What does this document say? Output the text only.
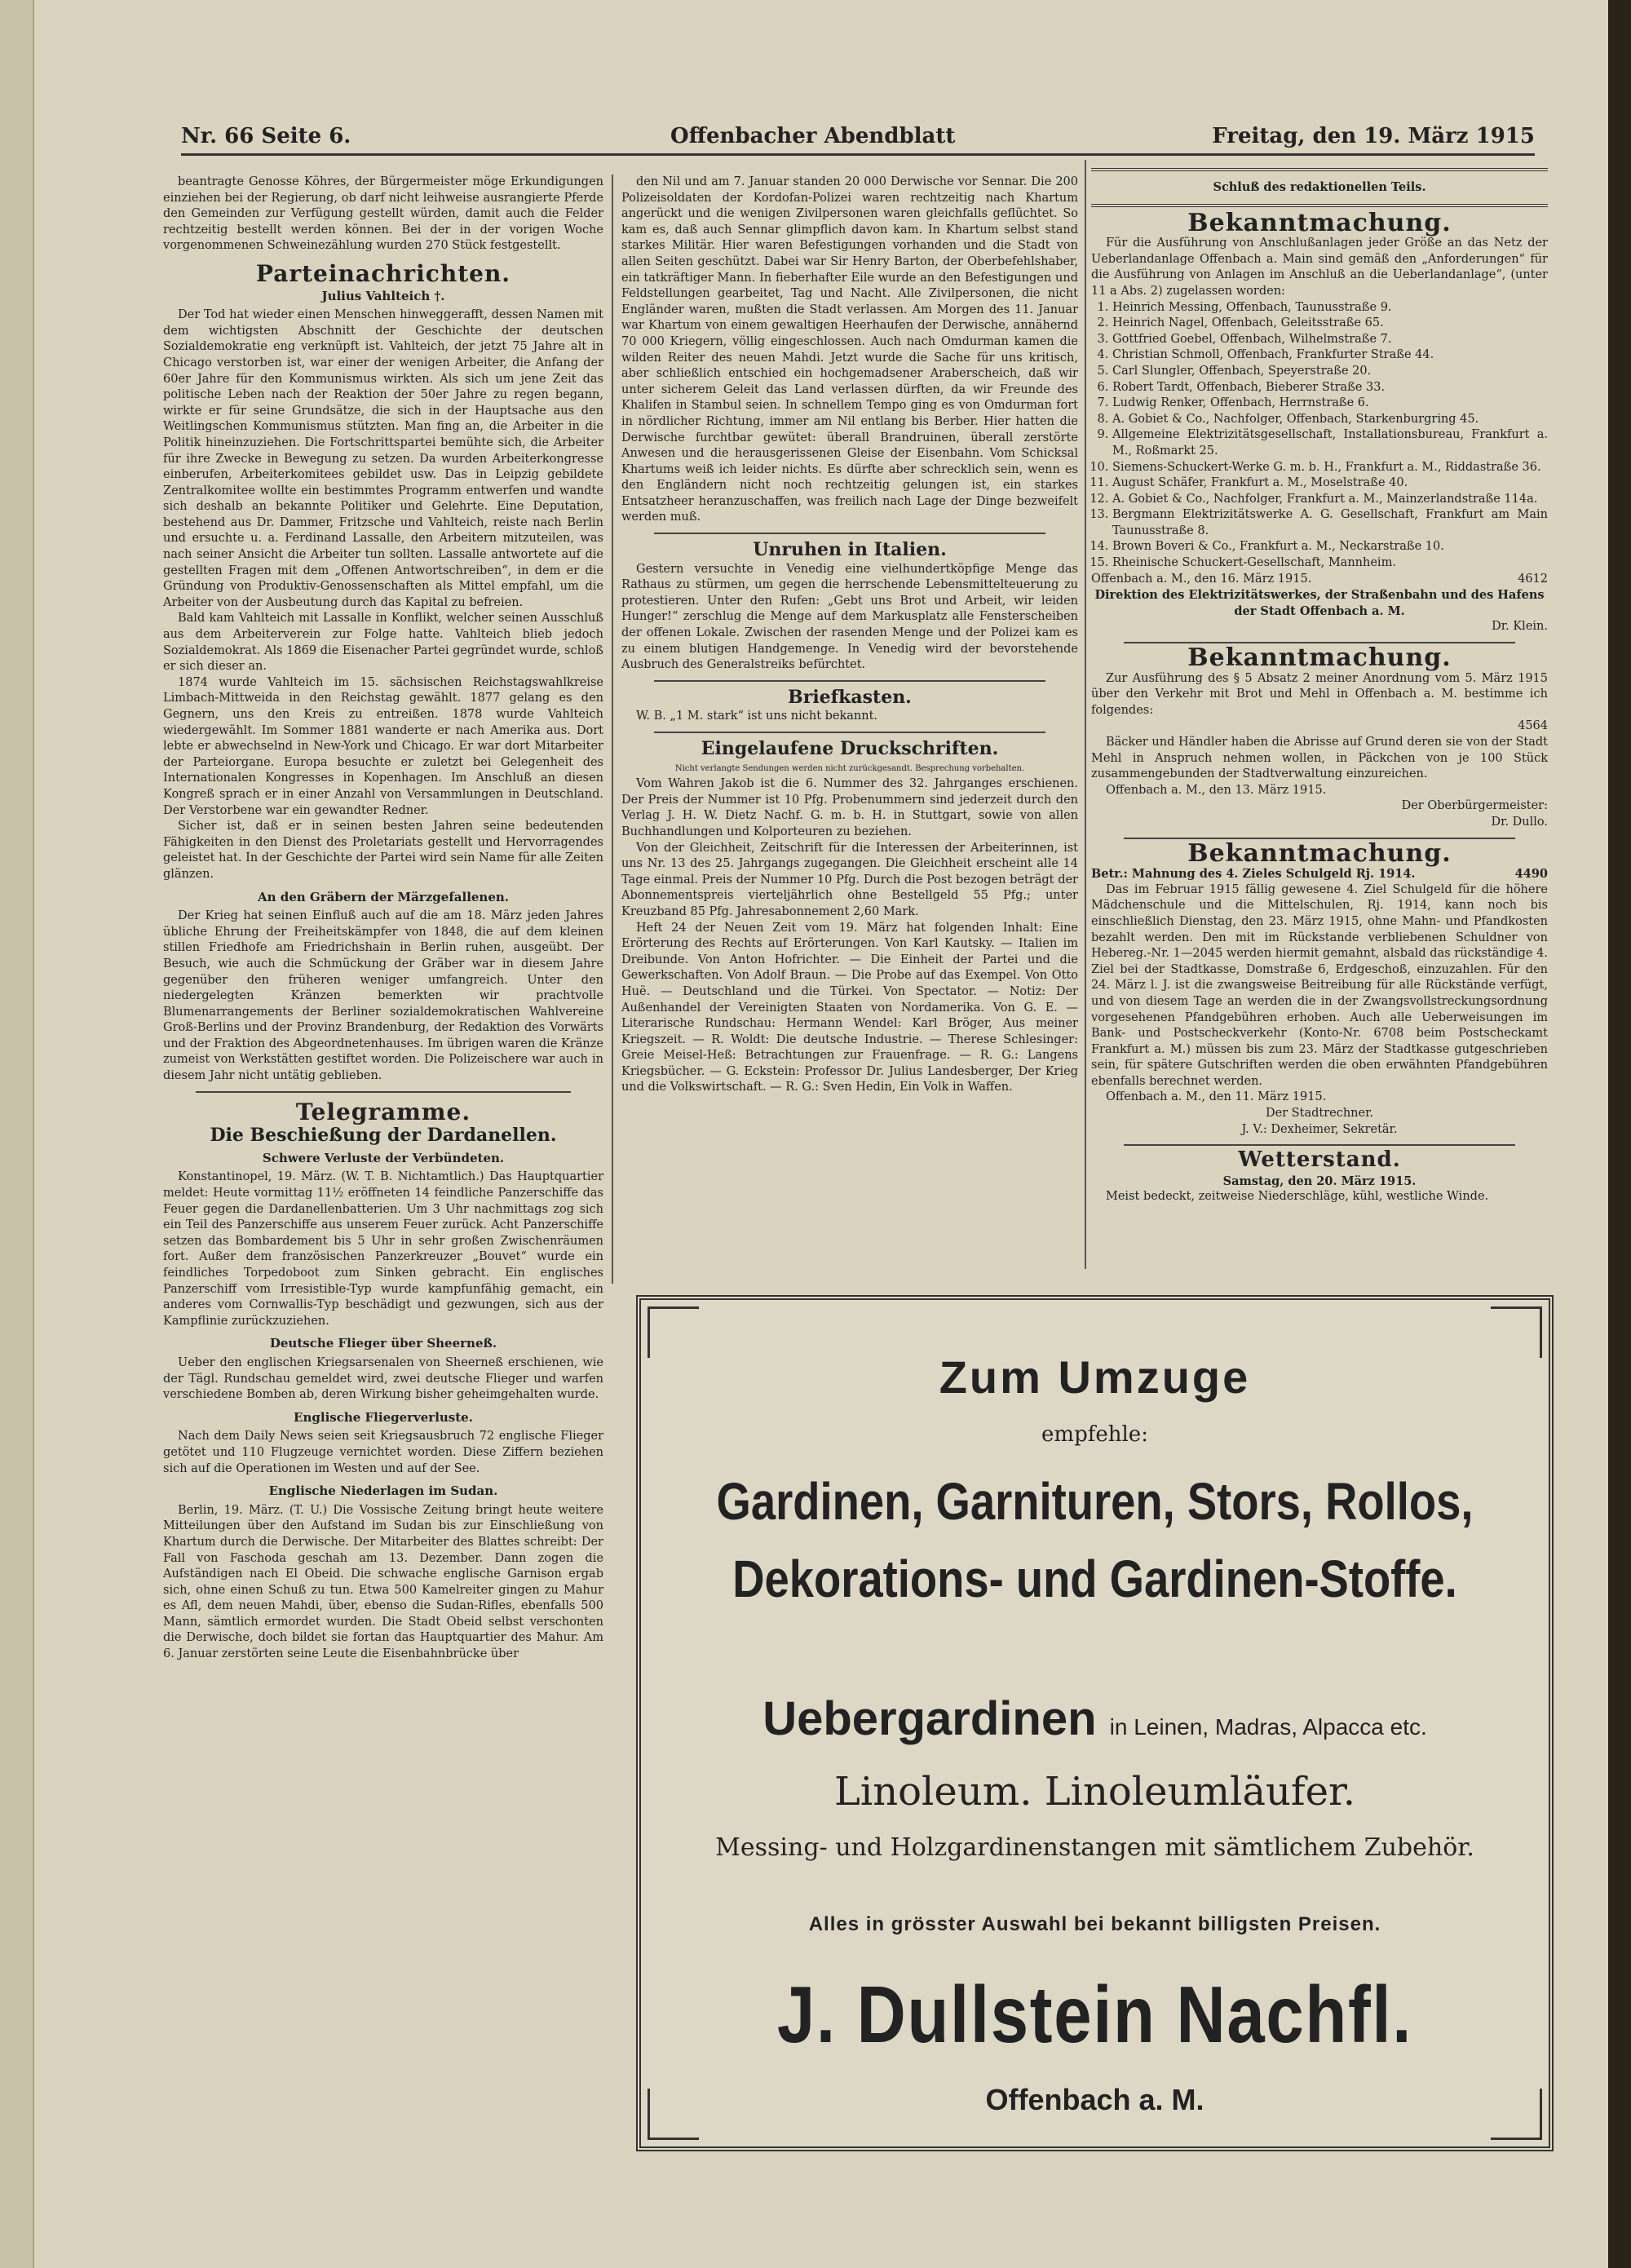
Nr. 66 Seite 6.	Offenbacher Abendblatt	Freitag, den 19. März 1915

beantragte Genosse Köhres, der Bürgermeister möge Erkundigungen einziehen bei der Regierung, ob darf nicht leihweise ausrangierte Pferde den Gemeinden zur Verfügung gestellt würden, damit auch die Felder rechtzeitig bestellt werden können. Bei der in der vorigen Woche vorgenommenen Schweinezählung wurden 270 Stück festgestellt.

Parteinachrichten.
Julius Vahlteich †.

Der Tod hat wieder einen Menschen hinweggerafft, dessen Namen mit dem wichtigsten Abschnitt der Geschichte der deutschen Sozialdemokratie eng verknüpft ist. Vahlteich, der jetzt 75 Jahre alt in Chicago verstorben ist, war einer der wenigen Arbeiter, die Anfang der 60er Jahre für den Kommunismus wirkten. Als sich um jene Zeit das politische Leben nach der Reaktion der 50er Jahre zu regen begann, wirkte er für seine Grundsätze, die sich in der Hauptsache aus den Weitlingschen Kommunismus stützten. Man fing an, die Arbeiter in die Politik hineinzuziehen. Die Fortschrittspartei bemühte sich, die Arbeiter für ihre Zwecke in Bewegung zu setzen. Da wurden Arbeiterkongresse einberufen, Arbeiterkomitees gebildet usw. Das in Leipzig gebildete Zentralkomitee wollte ein bestimmtes Programm entwerfen und wandte sich deshalb an bekannte Politiker und Gelehrte. Eine Deputation, bestehend aus Dr. Dammer, Fritzsche und Vahlteich, reiste nach Berlin und ersuchte u. a. Ferdinand Lassalle, den Arbeitern mitzuteilen, was nach seiner Ansicht die Arbeiter tun sollten. Lassalle antwortete auf die gestellten Fragen mit dem „Offenen Antwortschreiben“, in dem er die Gründung von Produktiv-Genossenschaften als Mittel empfahl, um die Arbeiter von der Ausbeutung durch das Kapital zu befreien.

Bald kam Vahlteich mit Lassalle in Konflikt, welcher seinen Ausschluß aus dem Arbeiterverein zur Folge hatte. Vahlteich blieb jedoch Sozialdemokrat. Als 1869 die Eisenacher Partei gegründet wurde, schloß er sich dieser an.

1874 wurde Vahlteich im 15. sächsischen Reichstagswahlkreise Limbach-Mittweida in den Reichstag gewählt. 1877 gelang es den Gegnern, uns den Kreis zu entreißen. 1878 wurde Vahlteich wiedergewählt. Im Sommer 1881 wanderte er nach Amerika aus. Dort lebte er abwechselnd in New-York und Chicago. Er war dort Mitarbeiter der Parteiorgane. Europa besuchte er zuletzt bei Gelegenheit des Internationalen Kongresses in Kopenhagen. Im Anschluß an diesen Kongreß sprach er in einer Anzahl von Versammlungen in Deutschland. Der Verstorbene war ein gewandter Redner.

Sicher ist, daß er in seinen besten Jahren seine bedeutenden Fähigkeiten in den Dienst des Proletariats gestellt und Hervorragendes geleistet hat. In der Geschichte der Partei wird sein Name für alle Zeiten glänzen.

An den Gräbern der Märzgefallenen.

Der Krieg hat seinen Einfluß auch auf die am 18. März jeden Jahres übliche Ehrung der Freiheitskämpfer von 1848, die auf dem kleinen stillen Friedhofe am Friedrichshain in Berlin ruhen, ausgeübt. Der Besuch, wie auch die Schmückung der Gräber war in diesem Jahre gegenüber den früheren weniger umfangreich. Unter den niedergelegten Kränzen bemerkten wir prachtvolle Blumenarrangements der Berliner sozialdemokratischen Wahlvereine Groß-Berlins und der Provinz Brandenburg, der Redaktion des Vorwärts und der Fraktion des Abgeordnetenhauses. Im übrigen waren die Kränze zumeist von Werkstätten gestiftet worden. Die Polizeischere war auch in diesem Jahr nicht untätig geblieben.

Telegramme.
Die Beschießung der Dardanellen.
Schwere Verluste der Verbündeten.

Konstantinopel, 19. März. (W. T. B. Nichtamtlich.) Das Hauptquartier meldet: Heute vormittag 11½ eröffneten 14 feindliche Panzerschiffe das Feuer gegen die Dardanellenbatterien. Um 3 Uhr nachmittags zog sich ein Teil des Panzerschiffe aus unserem Feuer zurück. Acht Panzerschiffe setzen das Bombardement bis 5 Uhr in sehr großen Zwischenräumen fort. Außer dem französischen Panzerkreuzer „Bouvet“ wurde ein feindliches Torpedoboot zum Sinken gebracht. Ein englisches Panzerschiff vom Irresistible-Typ wurde kampfunfähig gemacht, ein anderes vom Cornwallis-Typ beschädigt und gezwungen, sich aus der Kampflinie zurückzuziehen.

Deutsche Flieger über Sheerneß.

Ueber den englischen Kriegsarsenalen von Sheerneß erschienen, wie der Tägl. Rundschau gemeldet wird, zwei deutsche Flieger und warfen verschiedene Bomben ab, deren Wirkung bisher geheimgehalten wurde.

Englische Fliegerverluste.

Nach dem Daily News seien seit Kriegsausbruch 72 englische Flieger getötet und 110 Flugzeuge vernichtet worden. Diese Ziffern beziehen sich auf die Operationen im Westen und auf der See.

Englische Niederlagen im Sudan.

Berlin, 19. März. (T. U.) Die Vossische Zeitung bringt heute weitere Mitteilungen über den Aufstand im Sudan bis zur Einschließung von Khartum durch die Derwische. Der Mitarbeiter des Blattes schreibt: Der Fall von Faschoda geschah am 13. Dezember. Dann zogen die Aufständigen nach El Obeid. Die schwache englische Garnison ergab sich, ohne einen Schuß zu tun. Etwa 500 Kamelreiter gingen zu Mahur es Afl, dem neuen Mahdi, über, ebenso die Sudan-Rifles, ebenfalls 500 Mann, sämtlich ermordet wurden. Die Stadt Obeid selbst verschonten die Derwische, doch bildet sie fortan das Hauptquartier des Mahur. Am 6. Januar zerstörten seine Leute die Eisenbahnbrücke über

den Nil und am 7. Januar standen 20 000 Derwische vor Sennar. Die 200 Polizeisoldaten der Kordofan-Polizei waren rechtzeitig nach Khartum angerückt und die wenigen Zivilpersonen waren gleichfalls geflüchtet. So kam es, daß auch Sennar glimpflich davon kam. In Khartum selbst stand starkes Militär. Hier waren Befestigungen vorhanden und die Stadt von allen Seiten geschützt. Dabei war Sir Henry Barton, der Oberbefehlshaber, ein tatkräftiger Mann. In fieberhafter Eile wurde an den Befestigungen und Feldstellungen gearbeitet, Tag und Nacht. Alle Zivilpersonen, die nicht Engländer waren, mußten die Stadt verlassen. Am Morgen des 11. Januar war Khartum von einem gewaltigen Heerhaufen der Derwische, annähernd 70 000 Kriegern, völlig eingeschlossen. Auch nach Omdurman kamen die wilden Reiter des neuen Mahdi. Jetzt wurde die Sache für uns kritisch, aber schließlich entschied ein hochgemadsener Araberscheich, daß wir unter sicherem Geleit das Land verlassen dürften, da wir Freunde des Khalifen in Stambul seien. In schnellem Tempo ging es von Omdurman fort in nördlicher Richtung, immer am Nil entlang bis Berber. Hier hatten die Derwische furchtbar gewütet: überall Brandruinen, überall zerstörte Anwesen und die herausgerissenen Gleise der Eisenbahn. Vom Schicksal Khartums weiß ich leider nichts. Es dürfte aber schrecklich sein, wenn es den Engländern nicht noch rechtzeitig gelungen ist, ein starkes Entsatzheer heranzuschaffen, was freilich nach Lage der Dinge bezweifelt werden muß.

Unruhen in Italien.

Gestern versuchte in Venedig eine vielhundertköpfige Menge das Rathaus zu stürmen, um gegen die herrschende Lebensmittelteuerung zu protestieren. Unter den Rufen: „Gebt uns Brot und Arbeit, wir leiden Hunger!“ zerschlug die Menge auf dem Markusplatz alle Fensterscheiben der offenen Lokale. Zwischen der rasenden Menge und der Polizei kam es zu einem blutigen Handgemenge. In Venedig wird der bevorstehende Ausbruch des Generalstreiks befürchtet.

Briefkasten.

W. B. „1 M. stark“ ist uns nicht bekannt.

Eingelaufene Druckschriften.
Nicht verlangte Sendungen werden nicht zurückgesandt. Besprechung vorbehalten.

Vom Wahren Jakob ist die 6. Nummer des 32. Jahrganges erschienen. Der Preis der Nummer ist 10 Pfg. Probenummern sind jederzeit durch den Verlag J. H. W. Dietz Nachf. G. m. b. H. in Stuttgart, sowie von allen Buchhandlungen und Kolporteuren zu beziehen.

Von der Gleichheit, Zeitschrift für die Interessen der Arbeiterinnen, ist uns Nr. 13 des 25. Jahrgangs zugegangen. Die Gleichheit erscheint alle 14 Tage einmal. Preis der Nummer 10 Pfg. Durch die Post bezogen beträgt der Abonnementspreis vierteljährlich ohne Bestellgeld 55 Pfg.; unter Kreuzband 85 Pfg. Jahresabonnement 2,60 Mark.

Heft 24 der Neuen Zeit vom 19. März hat folgenden Inhalt: Eine Erörterung des Rechts auf Erörterungen. Von Karl Kautsky. — Italien im Dreibunde. Von Anton Hofrichter. — Die Einheit der Partei und die Gewerkschaften. Von Adolf Braun. — Die Probe auf das Exempel. Von Otto Huë. — Deutschland und die Türkei. Von Spectator. — Notiz: Der Außenhandel der Vereinigten Staaten von Nordamerika. Von G. E. — Literarische Rundschau: Hermann Wendel: Karl Bröger, Aus meiner Kriegszeit. — R. Woldt: Die deutsche Industrie. — Therese Schlesinger: Greie Meisel-Heß: Betrachtungen zur Frauenfrage. — R. G.: Langens Kriegsbücher. — G. Eckstein: Professor Dr. Julius Landesberger, Der Krieg und die Volkswirtschaft. — R. G.: Sven Hedin, Ein Volk in Waffen.

Schluß des redaktionellen Teils.
Bekanntmachung.

Für die Ausführung von Anschlußanlagen jeder Größe an das Netz der Ueberlandanlage Offenbach a. Main sind gemäß den „Anforderungen“ für die Ausführung von Anlagen im Anschluß an die Ueberlandanlage“, (unter 11 a Abs. 2) zugelassen worden:

1. Heinrich Messing, Offenbach, Taunusstraße 9.
2. Heinrich Nagel, Offenbach, Geleitsstraße 65.
3. Gottfried Goebel, Offenbach, Wilhelmstraße 7.
4. Christian Schmoll, Offenbach, Frankfurter Straße 44.
5. Carl Slungler, Offenbach, Speyerstraße 20.
6. Robert Tardt, Offenbach, Bieberer Straße 33.
7. Ludwig Renker, Offenbach, Herrnstraße 6.
8. A. Gobiet & Co., Nachfolger, Offenbach, Starkenburgring 45.
9. Allgemeine Elektrizitätsgesellschaft, Installationsbureau, Frankfurt a. M., Roßmarkt 25.
10. Siemens-Schuckert-Werke G. m. b. H., Frankfurt a. M., Riddastraße 36.
11. August Schäfer, Frankfurt a. M., Moselstraße 40.
12. A. Gobiet & Co., Nachfolger, Frankfurt a. M., Mainzerlandstraße 114a.
13. Bergmann Elektrizitätswerke A. G. Gesellschaft, Frankfurt am Main Taunusstraße 8.
14. Brown Boveri & Co., Frankfurt a. M., Neckarstraße 10.
15. Rheinische Schuckert-Gesellschaft, Mannheim.
Offenbach a. M., den 16. März 1915.	4612
Direktion des Elektrizitätswerkes, der Straßenbahn und des Hafens der Stadt Offenbach a. M.
Dr. Klein.
Bekanntmachung.

Zur Ausführung des § 5 Absatz 2 meiner Anordnung vom 5. März 1915 über den Verkehr mit Brot und Mehl in Offenbach a. M. bestimme ich folgendes:

4564

Bäcker und Händler haben die Abrisse auf Grund deren sie von der Stadt Mehl in Anspruch nehmen wollen, in Päckchen von je 100 Stück zusammengebunden der Stadtverwaltung einzureichen.

Offenbach a. M., den 13. März 1915.

Der Oberbürgermeister:
Dr. Dullo.
Bekanntmachung.
Betr.: Mahnung des 4. Zieles Schulgeld Rj. 1914.	4490

Das im Februar 1915 fällig gewesene 4. Ziel Schulgeld für die höhere Mädchenschule und die Mittelschulen, Rj. 1914, kann noch bis einschließlich Dienstag, den 23. März 1915, ohne Mahn- und Pfandkosten bezahlt werden. Den mit im Rückstande verbliebenen Schuldner von Hebereg.-Nr. 1—2045 werden hiermit gemahnt, alsbald das rückständige 4. Ziel bei der Stadtkasse, Domstraße 6, Erdgeschoß, einzuzahlen. Für den 24. März l. J. ist die zwangsweise Beitreibung für alle Rückstände verfügt, und von diesem Tage an werden die in der Zwangsvollstreckungsordnung vorgesehenen Pfandgebühren erhoben. Auch alle Ueberweisungen im Bank- und Postscheckverkehr (Konto-Nr. 6708 beim Postscheckamt Frankfurt a. M.) müssen bis zum 23. März der Stadtkasse gutgeschrieben sein, für spätere Gutschriften werden die oben erwähnten Pfandgebühren ebenfalls berechnet werden.

Offenbach a. M., den 11. März 1915.

Der Stadtrechner.
J. V.: Dexheimer, Sekretär.
Wetterstand.
Samstag, den 20. März 1915.

Meist bedeckt, zeitweise Niederschläge, kühl, westliche Winde.

Zum Umzuge
empfehle:
Gardinen, Garnituren, Stors, Rollos, Dekorations- und Gardinen-Stoffe.
Uebergardinen in Leinen, Madras, Alpacca etc.
Linoleum. Linoleumläufer.
Messing- und Holzgardinenstangen mit sämtlichem Zubehör.
Alles in grösster Auswahl bei bekannt billigsten Preisen.
J. Dullstein Nachfl.
Offenbach a. M.
